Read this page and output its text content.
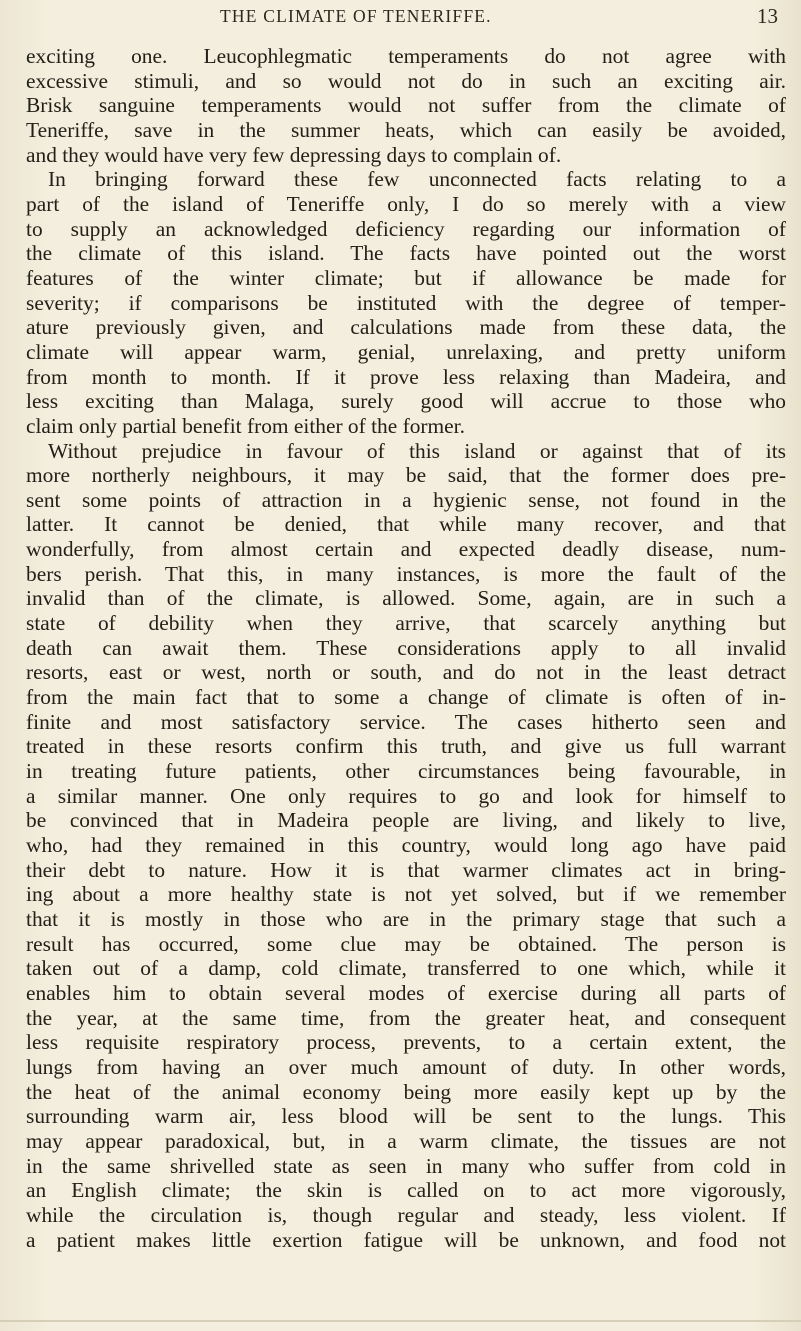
THE CLIMATE OF TENERIFFE.	13
exciting one. Leucophlegmatic temperaments do not agree with
excessive stimuli, and so would not do in such an exciting air.
Brisk sanguine temperaments would not suffer from the climate of
Teneriffe, save in the summer heats, which can easily be avoided,
and they would have very few depressing days to complain of.
In bringing forward these few unconnected facts relating to a
part of the island of Teneriffe only, I do so merely with a view
to supply an acknowledged deficiency regarding our information of
the climate of this island. The facts have pointed out the worst
features of the winter climate; but if allowance be made for
severity; if comparisons be instituted with the degree of temper-
ature previously given, and calculations made from these data, the
climate will appear warm, genial, unrelaxing, and pretty uniform
from month to month. If it prove less relaxing than Madeira, and
less exciting than Malaga, surely good will accrue to those who
claim only partial benefit from either of the former.
Without prejudice in favour of this island or against that of its
more northerly neighbours, it may be said, that the former does pre-
sent some points of attraction in a hygienic sense, not found in the
latter. It cannot be denied, that while many recover, and that
wonderfully, from almost certain and expected deadly disease, num-
bers perish. That this, in many instances, is more the fault of the
invalid than of the climate, is allowed. Some, again, are in such a
state of debility when they arrive, that scarcely anything but
death can await them. These considerations apply to all invalid
resorts, east or west, north or south, and do not in the least detract
from the main fact that to some a change of climate is often of in-
finite and most satisfactory service. The cases hitherto seen and
treated in these resorts confirm this truth, and give us full warrant
in treating future patients, other circumstances being favourable, in
a similar manner. One only requires to go and look for himself to
be convinced that in Madeira people are living, and likely to live,
who, had they remained in this country, would long ago have paid
their debt to nature. How it is that warmer climates act in bring-
ing about a more healthy state is not yet solved, but if we remember
that it is mostly in those who are in the primary stage that such a
result has occurred, some clue may be obtained. The person is
taken out of a damp, cold climate, transferred to one which, while it
enables him to obtain several modes of exercise during all parts of
the year, at the same time, from the greater heat, and consequent
less requisite respiratory process, prevents, to a certain extent, the
lungs from having an over much amount of duty. In other words,
the heat of the animal economy being more easily kept up by the
surrounding warm air, less blood will be sent to the lungs. This
may appear paradoxical, but, in a warm climate, the tissues are not
in the same shrivelled state as seen in many who suffer from cold in
an English climate; the skin is called on to act more vigorously,
while the circulation is, though regular and steady, less violent. If
a patient makes little exertion fatigue will be unknown, and food not
